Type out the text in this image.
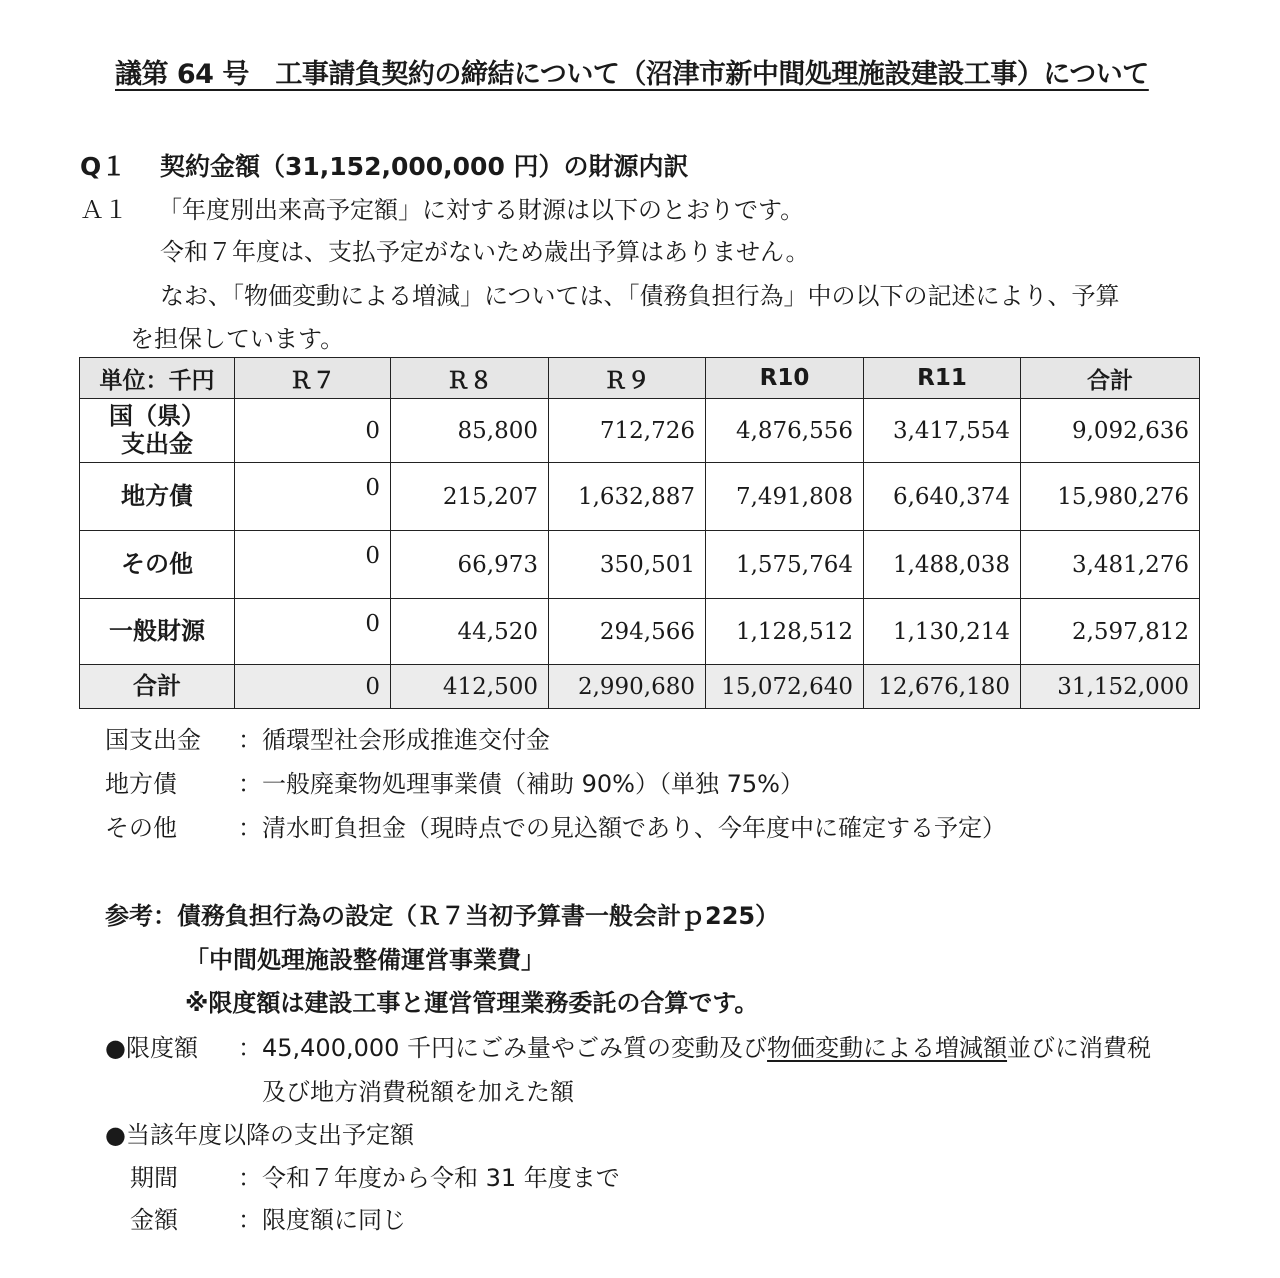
議第 64 号　工事請負契約の締結について（沼津市新中間処理施設建設工事）について
Q１ 契約金額（31,152,000,000 円）の財源内訳
Ａ１ 「年度別出来高予定額」に対する財源は以下のとおりです。
令和７年度は、支払予定がないため歳出予算はありません。
なお、「物価変動による増減」については、「債務負担行為」中の以下の記述により、予算
を担保しています。
単位：千円	Ｒ７	Ｒ８	Ｒ９	R10	R11	合計

国（県）
支出金	0	85,800	712,726	4,876,556	3,417,554	9,092,636
地方債	0	215,207	1,632,887	7,491,808	6,640,374	15,980,276
その他	0	66,973	350,501	1,575,764	1,488,038	3,481,276
一般財源	0	44,520	294,566	1,128,512	1,130,214	2,597,812
合計	0	412,500	2,990,680	15,072,640	12,676,180	31,152,000
国支出金 ：循環型社会形成推進交付金
地方債	：一般廃棄物処理事業債（補助 90%）（単独 75%）
その他	：清水町負担金（現時点での見込額であり、今年度中に確定する予定）
参考：債務負担行為の設定（Ｒ７当初予算書一般会計ｐ225）
「中間処理施設整備運営事業費」
※限度額は建設工事と運営管理業務委託の合算です。
●限度額 ：45,400,000 千円にごみ量やごみ質の変動及び物価変動による増減額並びに消費税
及び地方消費税額を加えた額
●当該年度以降の支出予定額
期間	：令和７年度から令和 31 年度まで
金額	：限度額に同じ
